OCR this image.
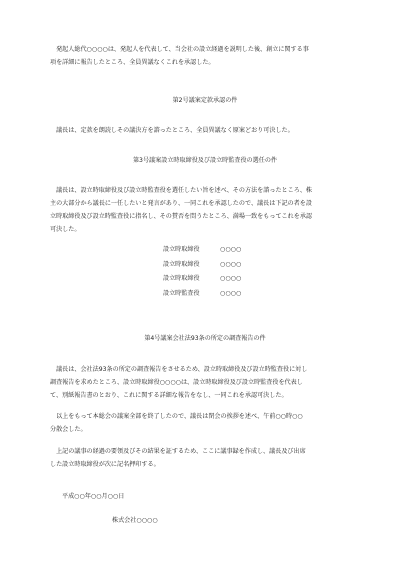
　発起人総代○○○○は、発起人を代表して、当会社の設立経過を説明した後、創立に関する事

項を詳細に報告したところ、全員異議なくこれを承認した。

第2号議案定款承認の件

　議長は、定款を朗読しその議決方を諮ったところ、全員異議なく原案どおり可決した。

第3号議案設立時取締役及び設立時監査役の選任の件

　議長は、設立時取締役及び設立時監査役を選任したい旨を述べ、その方法を諮ったところ、株

主の大部分から議長に一任したいと発言があり、一同これを承認したので、議長は下記の者を設

立時取締役及び設立時監査役に指名し、その賛否を問うたところ、満場一致をもってこれを承認

可決した。

設立時取締役	○○○○
設立時取締役	○○○○
設立時取締役	○○○○
設立時監査役	○○○○
第4号議案会社法93条の所定の調査報告の件

　議長は、会社法93条の所定の調査報告をさせるため、設立時取締役及び設立時監査役に対し

調査報告を求めたところ、設立時取締役○○○○は、設立時取締役及び設立時監査役を代表し

て、別紙報告書のとおり、これに関する詳細な報告をなし、一同これを承認可決した。

　以上をもって本総会の議案全部を終了したので、議長は閉会の挨拶を述べ、午前○○時○○

分散会した。

　上記の議事の経過の要領及びその結果を証するため、ここに議事録を作成し、議長及び出席

した設立時取締役が次に記名押印する。

平成○○年○○月○○日
株式会社○○○○
